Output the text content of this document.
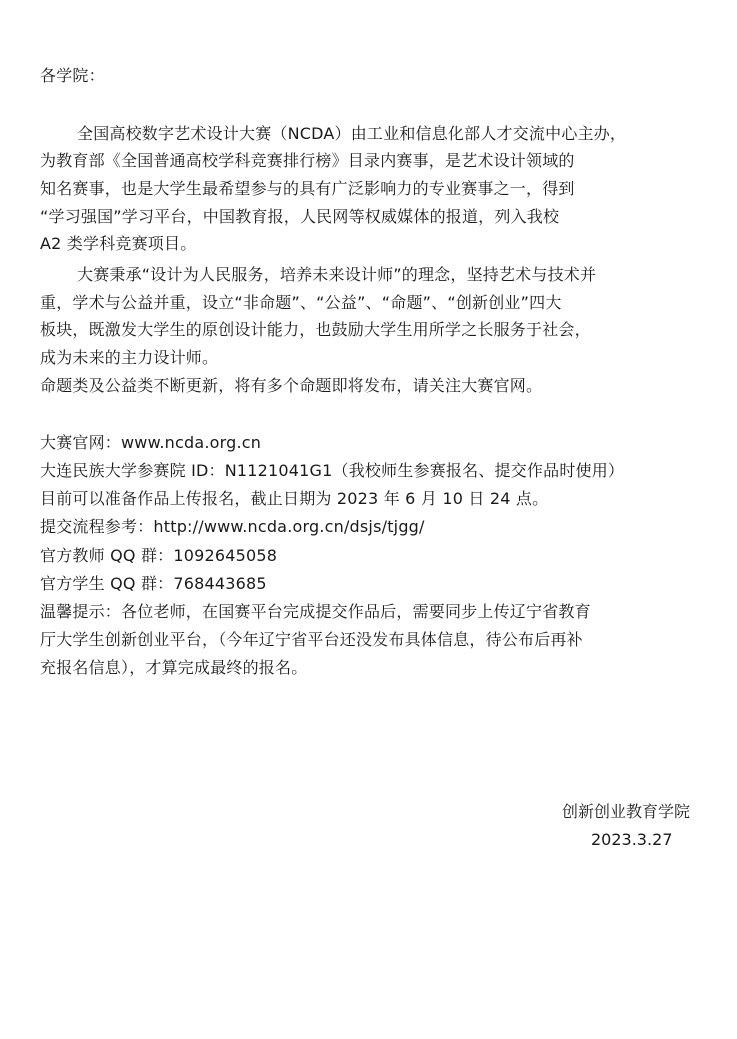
各学院：
全国高校数字艺术设计大赛（NCDA）由工业和信息化部人才交流中心主办，
为教育部《全国普通高校学科竞赛排行榜》目录内赛事，是艺术设计领域的
知名赛事，也是大学生最希望参与的具有广泛影响力的专业赛事之一，得到
“学习强国”学习平台，中国教育报，人民网等权威媒体的报道，列入我校
A2 类学科竞赛项目。
大赛秉承“设计为人民服务，培养未来设计师”的理念，坚持艺术与技术并
重，学术与公益并重，设立“非命题”、“公益”、“命题”、“创新创业”四大
板块，既激发大学生的原创设计能力，也鼓励大学生用所学之长服务于社会，
成为未来的主力设计师。
命题类及公益类不断更新，将有多个命题即将发布，请关注大赛官网。
大赛官网：www.ncda.org.cn
大连民族大学参赛院 ID：N1121041G1（我校师生参赛报名、提交作品时使用）
目前可以准备作品上传报名，截止日期为 2023 年 6 月 10 日 24 点。
提交流程参考：http://www.ncda.org.cn/dsjs/tjgg/
官方教师 QQ 群：1092645058
官方学生 QQ 群：768443685
温馨提示：各位老师，在国赛平台完成提交作品后，需要同步上传辽宁省教育
厅大学生创新创业平台，（今年辽宁省平台还没发布具体信息，待公布后再补
充报名信息），才算完成最终的报名。
创新创业教育学院
2023.3.27
